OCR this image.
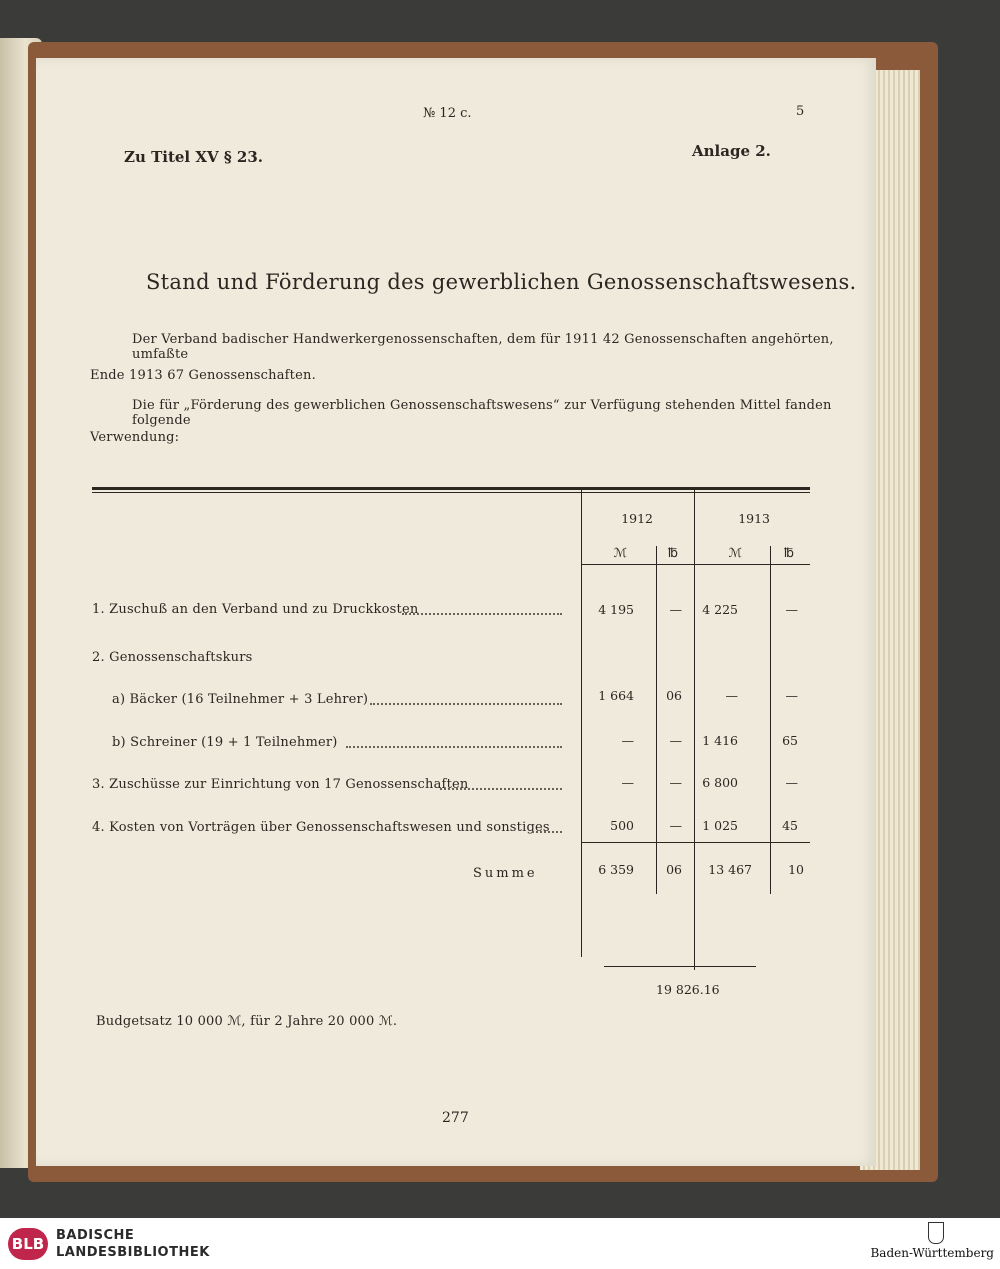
№ 12 c.	5
Zu Titel XV § 23.	Anlage 2.
Stand und Förderung des gewerblichen Genossenschaftswesens.
Der Verband badischer Handwerkergenossenschaften, dem für 1911 42 Genossenschaften angehörten, umfaßte
Ende 1913 67 Genossenschaften.
Die für „Förderung des gewerblichen Genossenschaftswesens“ zur Verfügung stehenden Mittel fanden folgende
Verwendung:
1912	1913
ℳ	℔	ℳ	℔
1. Zuschuß an den Verband und zu Druckkosten	4 195	—	4 225	—
2. Genossenschaftskurs
a) Bäcker (16 Teilnehmer + 3 Lehrer)	1 664	06	—	—
b) Schreiner (19 + 1 Teilnehmer)	—	—	1 416	65
3. Zuschüsse zur Einrichtung von 17 Genossenschaften	—	—	6 800	—
4. Kosten von Vorträgen über Genossenschaftswesen und sonstiges	500	—	1 025	45
Summe	6 359	06	13 467	10
19 826.16
Budgetsatz 10 000 ℳ, für 2 Jahre 20 000 ℳ.
277
BLB BADISCHE
LANDESBIBLIOTHEK	Baden-Württemberg
